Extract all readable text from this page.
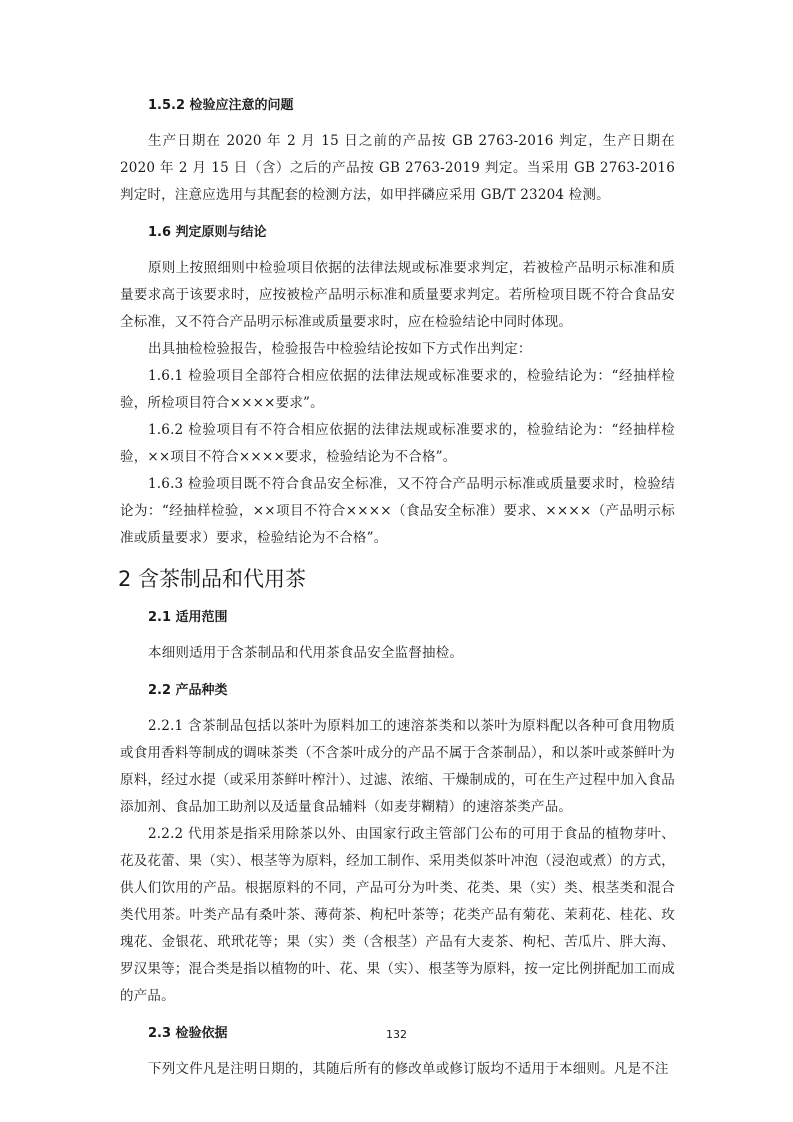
1.5.2 检验应注意的问题

生产日期在 2020 年 2 月 15 日之前的产品按 GB 2763-2016 判定，生产日期在 2020 年 2 月 15 日（含）之后的产品按 GB 2763-2019 判定。当采用 GB 2763-2016 判定时，注意应选用与其配套的检测方法，如甲拌磷应采用 GB/T 23204 检测。

1.6 判定原则与结论

原则上按照细则中检验项目依据的法律法规或标准要求判定，若被检产品明示标准和质量要求高于该要求时，应按被检产品明示标准和质量要求判定。若所检项目既不符合食品安全标准，又不符合产品明示标准或质量要求时，应在检验结论中同时体现。

出具抽检检验报告，检验报告中检验结论按如下方式作出判定：

1.6.1 检验项目全部符合相应依据的法律法规或标准要求的，检验结论为：“经抽样检验，所检项目符合××××要求”。

1.6.2 检验项目有不符合相应依据的法律法规或标准要求的，检验结论为：“经抽样检验，××项目不符合××××要求，检验结论为不合格”。

1.6.3 检验项目既不符合食品安全标准，又不符合产品明示标准或质量要求时，检验结论为：“经抽样检验，××项目不符合××××（食品安全标准）要求、××××（产品明示标准或质量要求）要求，检验结论为不合格”。

2 含茶制品和代用茶
2.1 适用范围

本细则适用于含茶制品和代用茶食品安全监督抽检。

2.2 产品种类

2.2.1 含茶制品包括以茶叶为原料加工的速溶茶类和以茶叶为原料配以各种可食用物质或食用香料等制成的调味茶类（不含茶叶成分的产品不属于含茶制品），和以茶叶或茶鲜叶为原料，经过水提（或采用茶鲜叶榨汁）、过滤、浓缩、干燥制成的，可在生产过程中加入食品添加剂、食品加工助剂以及适量食品辅料（如麦芽糊精）的速溶茶类产品。

2.2.2 代用茶是指采用除茶以外、由国家行政主管部门公布的可用于食品的植物芽叶、花及花蕾、果（实）、根茎等为原料，经加工制作、采用类似茶叶冲泡（浸泡或煮）的方式，供人们饮用的产品。根据原料的不同，产品可分为叶类、花类、果（实）类、根茎类和混合类代用茶。叶类产品有桑叶茶、薄荷茶、枸杞叶茶等；花类产品有菊花、茉莉花、桂花、玫瑰花、金银花、玳玳花等；果（实）类（含根茎）产品有大麦茶、枸杞、苦瓜片、胖大海、罗汉果等；混合类是指以植物的叶、花、果（实）、根茎等为原料，按一定比例拼配加工而成的产品。

2.3 检验依据

下列文件凡是注明日期的，其随后所有的修改单或修订版均不适用于本细则。凡是不注

132
